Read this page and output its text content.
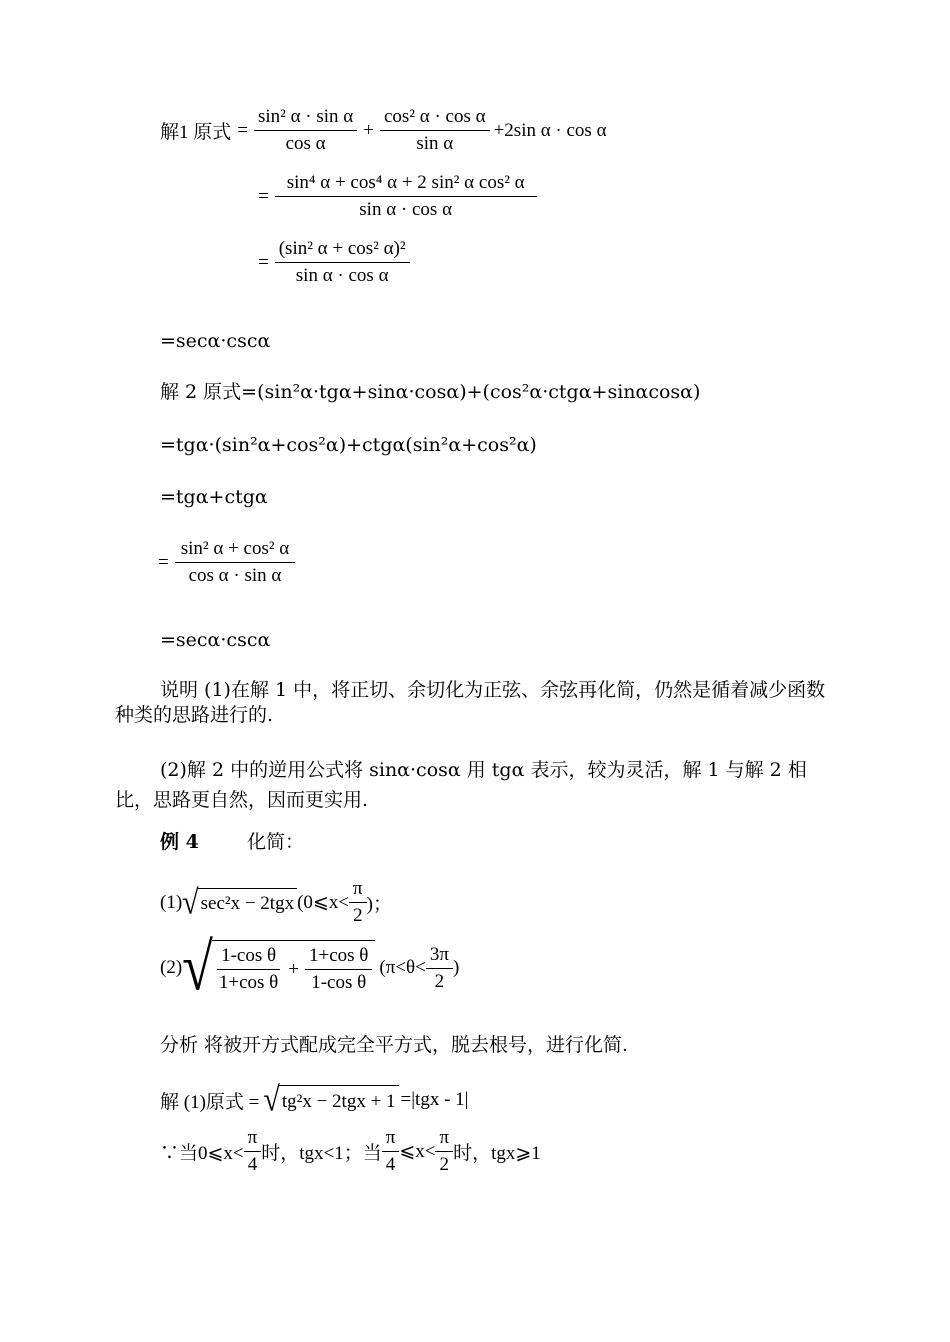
解1 原式 = $\frac{\text{sin² α · sin α}}{\text{cos α}} + \frac{\text{cos² α · cos α}}{\text{sin α}} +2\sin$ α · cos α
= $\frac{\text{sin⁴ α + cos⁴ α + 2 sin² α cos² α}}{\text{sin α · cos α}}$
= $\frac{\text{(sin² α + cos² α)²}}{\text{sin α · cos α}}$
=secα·cscα
解 2 原式=(sin²α·tgα+sinα·cosα)+(cos²α·ctgα+sinαcosα)
=tgα·(sin²α+cos²α)+ctgα(sin²α+cos²α)
=tgα+ctgα
= $\frac{\text{sin² α + cos² α}}{\text{cos α · sin α}}$
=secα·cscα
说明 (1)在解 1 中，将正切、余切化为正弦、余弦再化简，仍然是循着减少函数种类的思路进行的.
(2)解 2 中的逆用公式将 sinα·cosα 用 tgα 表示，较为灵活，解 1 与解 2 相比，思路更自然，因而更实用.
例 4	化简：
(1) √ sec²x − 2tgx (0⩽x< $\frac{\pi}{2}$ )；
(2) √ $\frac{\text{1-cos θ}}{\text{1+cos θ}} + \frac{\text{1+cos θ}}{\text{1-cos θ}} (\pi<\theta< \frac{3\pi}{2}$ )
分析 将被开方式配成完全平方式，脱去根号，进行化简.
解 (1)原式 = √ tg²x − 2tgx + 1 =|tgx - 1|
∵当0⩽x< $\frac{\pi}{4}$ 时，tgx<1；当 $\frac{\pi}{4}$ ⩽x< $\frac{\pi}{2}$ 时，tgx⩾1
